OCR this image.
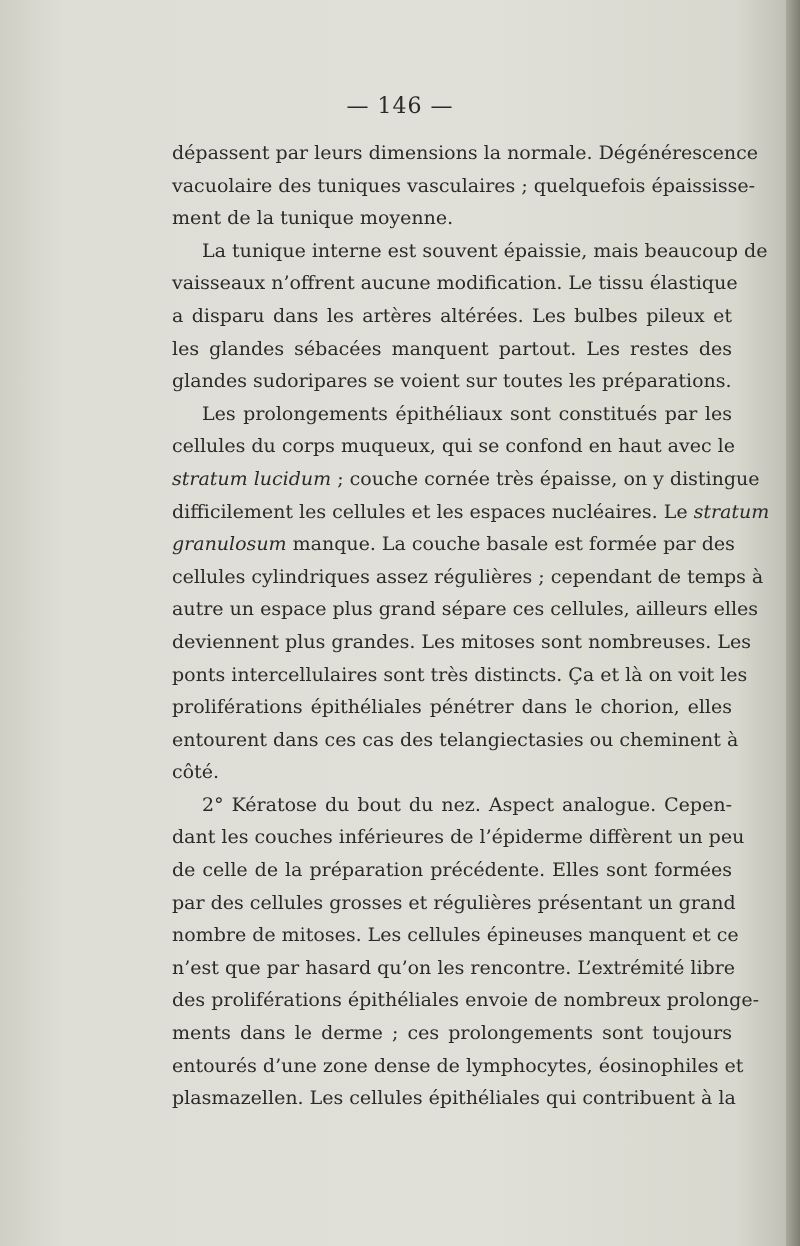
— 146 —
dépassent par leurs dimensions la normale. Dégénérescence
vacuolaire des tuniques vasculaires ; quelquefois épaississe-
ment de la tunique moyenne.
La tunique interne est souvent épaissie, mais beaucoup de
vaisseaux n’offrent aucune modification. Le tissu élastique
a disparu dans les artères altérées. Les bulbes pileux et
les glandes sébacées manquent partout. Les restes des
glandes sudoripares se voient sur toutes les préparations.
Les prolongements épithéliaux sont constitués par les
cellules du corps muqueux, qui se confond en haut avec le
stratum lucidum ; couche cornée très épaisse, on y distingue
difficilement les cellules et les espaces nucléaires. Le stratum
granulosum manque. La couche basale est formée par des
cellules cylindriques assez régulières ; cependant de temps à
autre un espace plus grand sépare ces cellules, ailleurs elles
deviennent plus grandes. Les mitoses sont nombreuses. Les
ponts intercellulaires sont très distincts. Ça et là on voit les
proliférations épithéliales pénétrer dans le chorion, elles
entourent dans ces cas des telangiectasies ou cheminent à
côté.
2° Kératose du bout du nez. Aspect analogue. Cepen-
dant les couches inférieures de l’épiderme diffèrent un peu
de celle de la préparation précédente. Elles sont formées
par des cellules grosses et régulières présentant un grand
nombre de mitoses. Les cellules épineuses manquent et ce
n’est que par hasard qu’on les rencontre. L’extrémité libre
des proliférations épithéliales envoie de nombreux prolonge-
ments dans le derme ; ces prolongements sont toujours
entourés d’une zone dense de lymphocytes, éosinophiles et
plasmazellen. Les cellules épithéliales qui contribuent à la
